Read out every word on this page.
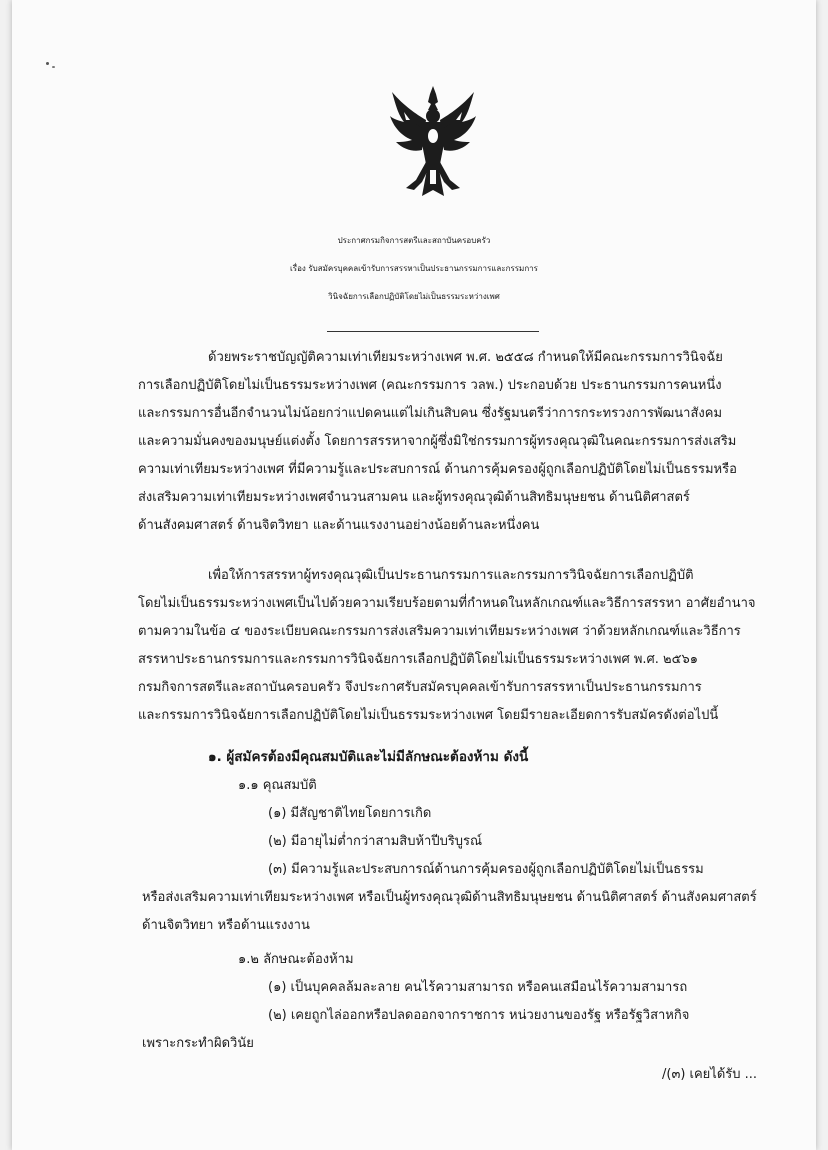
ประกาศกรมกิจการสตรีและสถาบันครอบครัว
เรื่อง รับสมัครบุคคลเข้ารับการสรรหาเป็นประธานกรรมการและกรรมการ
วินิจฉัยการเลือกปฏิบัติโดยไม่เป็นธรรมระหว่างเพศ
ด้วยพระราชบัญญัติความเท่าเทียมระหว่างเพศ พ.ศ. ๒๕๕๘ กำหนดให้มีคณะกรรมการวินิจฉัย
การเลือกปฏิบัติโดยไม่เป็นธรรมระหว่างเพศ (คณะกรรมการ วลพ.) ประกอบด้วย ประธานกรรมการคนหนึ่ง
และกรรมการอื่นอีกจำนวนไม่น้อยกว่าแปดคนแต่ไม่เกินสิบคน ซึ่งรัฐมนตรีว่าการกระทรวงการพัฒนาสังคม
และความมั่นคงของมนุษย์แต่งตั้ง โดยการสรรหาจากผู้ซึ่งมิใช่กรรมการผู้ทรงคุณวุฒิในคณะกรรมการส่งเสริม
ความเท่าเทียมระหว่างเพศ ที่มีความรู้และประสบการณ์ ด้านการคุ้มครองผู้ถูกเลือกปฏิบัติโดยไม่เป็นธรรมหรือ
ส่งเสริมความเท่าเทียมระหว่างเพศจำนวนสามคน และผู้ทรงคุณวุฒิด้านสิทธิมนุษยชน ด้านนิติศาสตร์
ด้านสังคมศาสตร์ ด้านจิตวิทยา และด้านแรงงานอย่างน้อยด้านละหนึ่งคน
เพื่อให้การสรรหาผู้ทรงคุณวุฒิเป็นประธานกรรมการและกรรมการวินิจฉัยการเลือกปฏิบัติ
โดยไม่เป็นธรรมระหว่างเพศเป็นไปด้วยความเรียบร้อยตามที่กำหนดในหลักเกณฑ์และวิธีการสรรหา อาศัยอำนาจ
ตามความในข้อ ๔ ของระเบียบคณะกรรมการส่งเสริมความเท่าเทียมระหว่างเพศ ว่าด้วยหลักเกณฑ์และวิธีการ
สรรหาประธานกรรมการและกรรมการวินิจฉัยการเลือกปฏิบัติโดยไม่เป็นธรรมระหว่างเพศ พ.ศ. ๒๕๖๑
กรมกิจการสตรีและสถาบันครอบครัว จึงประกาศรับสมัครบุคคลเข้ารับการสรรหาเป็นประธานกรรมการ
และกรรมการวินิจฉัยการเลือกปฏิบัติโดยไม่เป็นธรรมระหว่างเพศ โดยมีรายละเอียดการรับสมัครดังต่อไปนี้
๑. ผู้สมัครต้องมีคุณสมบัติและไม่มีลักษณะต้องห้าม ดังนี้
๑.๑ คุณสมบัติ
(๑) มีสัญชาติไทยโดยการเกิด
(๒) มีอายุไม่ต่ำกว่าสามสิบห้าปีบริบูรณ์
(๓) มีความรู้และประสบการณ์ด้านการคุ้มครองผู้ถูกเลือกปฏิบัติโดยไม่เป็นธรรม
หรือส่งเสริมความเท่าเทียมระหว่างเพศ หรือเป็นผู้ทรงคุณวุฒิด้านสิทธิมนุษยชน ด้านนิติศาสตร์ ด้านสังคมศาสตร์
ด้านจิตวิทยา หรือด้านแรงงาน
๑.๒ ลักษณะต้องห้าม
(๑) เป็นบุคคลล้มละลาย คนไร้ความสามารถ หรือคนเสมือนไร้ความสามารถ
(๒) เคยถูกไล่ออกหรือปลดออกจากราชการ หน่วยงานของรัฐ หรือรัฐวิสาหกิจ
เพราะกระทำผิดวินัย
/(๓) เคยได้รับ ...
